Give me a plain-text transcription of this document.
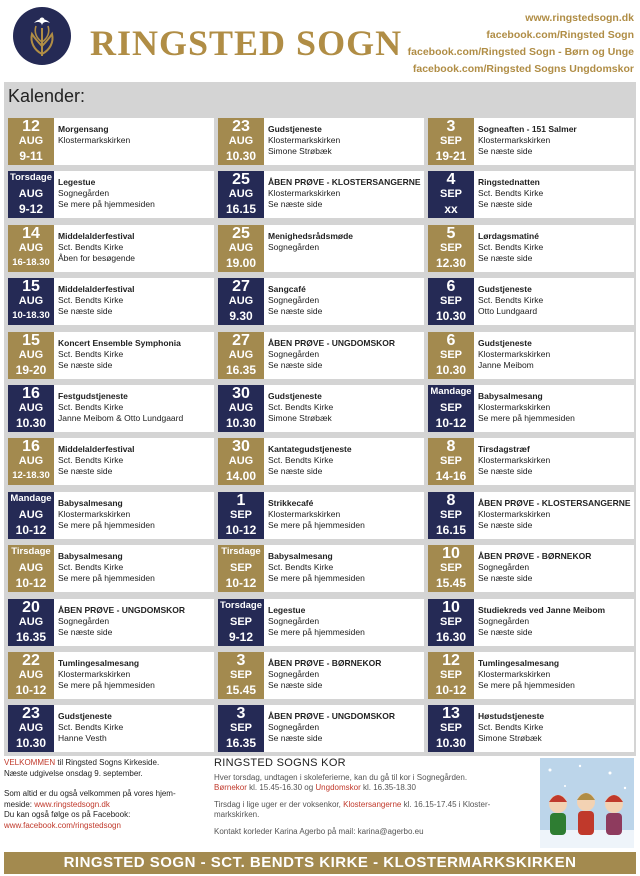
RINGSTED SOGN
www.ringstedsogn.dk
facebook.com/Ringsted Sogn
facebook.com/Ringsted Sogn - Børn og Unge
facebook.com/Ringsted Sogns Ungdomskor
Kalender:
12
AUG
9-11
Morgensang
Klostermarkskirken
Torsdage
AUG
9-12
Legestue
Sognegården
Se mere på hjemmesiden
14
AUG
16-18.30
Middelalderfestival
Sct. Bendts Kirke
Åben for besøgende
15
AUG
10-18.30
Middelalderfestival
Sct. Bendts Kirke
Se næste side
15
AUG
19-20
Koncert Ensemble Symphonia
Sct. Bendts Kirke
Se næste side
16
AUG
10.30
Festgudstjeneste
Sct. Bendts Kirke
Janne Meibom & Otto Lundgaard
16
AUG
12-18.30
Middelalderfestival
Sct. Bendts Kirke
Se næste side
Mandage
AUG
10-12
Babysalmesang
Klostermarkskirken
Se mere på hjemmesiden
Tirsdage
AUG
10-12
Babysalmesang
Sct. Bendts Kirke
Se mere på hjemmesiden
20
AUG
16.35
ÅBEN PRØVE - UNGDOMSKOR
Sognegården
Se næste side
22
AUG
10-12
Tumlingesalmesang
Klostermarkskirken
Se mere på hjemmesiden
23
AUG
10.30
Gudstjeneste
Sct. Bendts Kirke
Hanne Vesth
23
AUG
10.30
Gudstjeneste
Klostermarkskirken
Simone Strøbæk
25
AUG
16.15
ÅBEN PRØVE - KLOSTERSANGERNE
Klostermarkskirken
Se næste side
25
AUG
19.00
Menighedsrådsmøde
Sognegården
27
AUG
9.30
Sangcafé
Sognegården
Se næste side
27
AUG
16.35
ÅBEN PRØVE - UNGDOMSKOR
Sognegården
Se næste side
30
AUG
10.30
Gudstjeneste
Sct. Bendts Kirke
Simone Strøbæk
30
AUG
14.00
Kantategudstjeneste
Sct. Bendts Kirke
Se næste side
1
SEP
10-12
Strikkecafé
Klostermarkskirken
Se mere på hjemmesiden
Tirsdage
SEP
10-12
Babysalmesang
Sct. Bendts Kirke
Se mere på hjemmesiden
Torsdage
SEP
9-12
Legestue
Sognegården
Se mere på hjemmesiden
3
SEP
15.45
ÅBEN PRØVE - BØRNEKOR
Sognegården
Se næste side
3
SEP
16.35
ÅBEN PRØVE - UNGDOMSKOR
Sognegården
Se næste side
3
SEP
19-21
Sogneaften - 151 Salmer
Klostermarkskirken
Se næste side
4
SEP
xx
Ringstednatten
Sct. Bendts Kirke
Se næste side
5
SEP
12.30
Lørdagsmatiné
Sct. Bendts Kirke
Se næste side
6
SEP
10.30
Gudstjeneste
Sct. Bendts Kirke
Otto Lundgaard
6
SEP
10.30
Gudstjeneste
Klostermarkskirken
Janne Meibom
Mandage
SEP
10-12
Babysalmesang
Klostermarkskirken
Se mere på hjemmesiden
8
SEP
14-16
Tirsdagstræf
Klostermarkskirken
Se næste side
8
SEP
16.15
ÅBEN PRØVE - KLOSTERSANGERNE
Klostermarkskirken
Se næste side
10
SEP
15.45
ÅBEN PRØVE - BØRNEKOR
Sognegården
Se næste side
10
SEP
16.30
Studiekreds ved Janne Meibom
Sognegården
Se næste side
12
SEP
10-12
Tumlingesalmesang
Klostermarkskirken
Se mere på hjemmesiden
13
SEP
10.30
Høstudstjeneste
Sct. Bendts Kirke
Simone Strøbæk
VELKOMMEN til Ringsted Sogns Kirkeside.
Næste udgivelse onsdag 9. september.
Som altid er du også velkommen på vores hjem-
meside: www.ringstedsogn.dk
Du kan også følge os på Facebook:
www.facebook.com/ringstedsogn
RINGSTED SOGNS KOR
Hver torsdag, undtagen i skoleferierne, kan du gå til kor i Sognegården.
Børnekor kl. 15.45-16.30 og Ungdomskor kl. 16.35-18.30
Tirsdag i lige uger er der voksenkor, Klostersangerne kl. 16.15-17.45 i Kloster-
markskirken.
Kontakt korleder Karina Agerbo på mail: karina@agerbo.eu
RINGSTED SOGN - SCT. BENDTS KIRKE - KLOSTERMARKSKIRKEN
